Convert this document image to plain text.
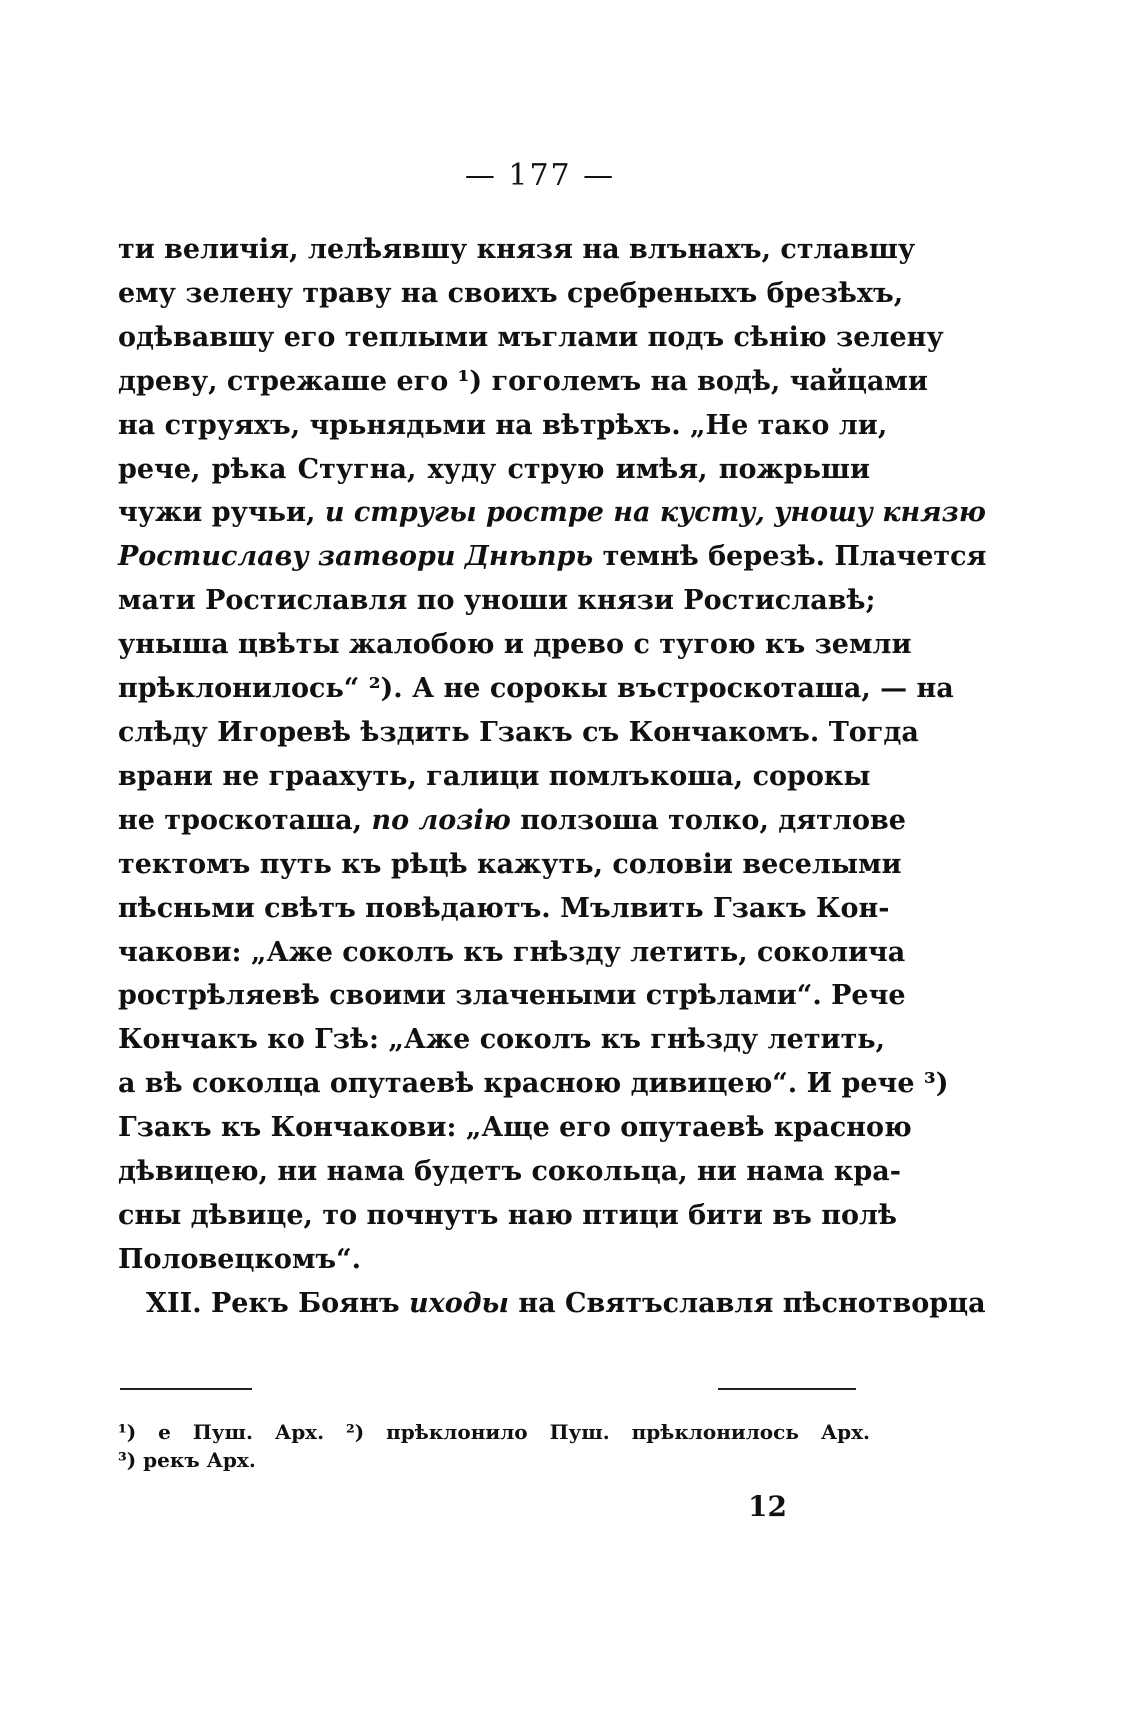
— 177 —
ти величія, лелѣявшу князя на влънахъ, стлавшу
ему зелену траву на своихъ сребреныхъ брезѣхъ,
одѣвавшу его теплыми мъглами подъ сѣнію зелену
древу, стрежаше его ¹) гоголемъ на водѣ, чайцами
на струяхъ, чрьнядьми на вѣтрѣхъ. „Не тако ли,
рече, рѣка Стугна, худу струю имѣя, пожрьши
чужи ручьи, и стругы ростре на кусту, уношу князю
Ростиславу затвори Днѣпрь темнѣ березѣ. Плачется
мати Ростиславля по уноши князи Ростиславѣ;
уныша цвѣты жалобою и древо с тугою къ земли
прѣклонилось“ ²). А не сорокы въстроскоташа, — на
слѣду Игоревѣ ѣздить Гзакъ съ Кончакомъ. Тогда
врани не граахуть, галици помлъкоша, сорокы
не троскоташа, по лозію ползоша толко, дятлове
тектомъ путь къ рѣцѣ кажуть, соловіи веселыми
пѣсньми свѣтъ повѣдаютъ. Мълвить Гзакъ Кон-
чакови: „Аже соколъ къ гнѣзду летить, соколича
рострѣляевѣ своими злачеными стрѣлами“. Рече
Кончакъ ко Гзѣ: „Аже соколъ къ гнѣзду летить,
а вѣ соколца опутаевѣ красною дивицею“. И рече ³)
Гзакъ къ Кончакови: „Аще его опутаевѣ красною
дѣвицею, ни нама будетъ сокольца, ни нама кра-
сны дѣвице, то почнутъ наю птици бити въ полѣ
Половецкомъ“.
XII. Рекъ Боянъ иходы на Святъславля пѣснотворца
¹) е Пуш. Арх. ²) прѣклонило Пуш. прѣклонилось Арх.
³) рекъ Арх.
12
